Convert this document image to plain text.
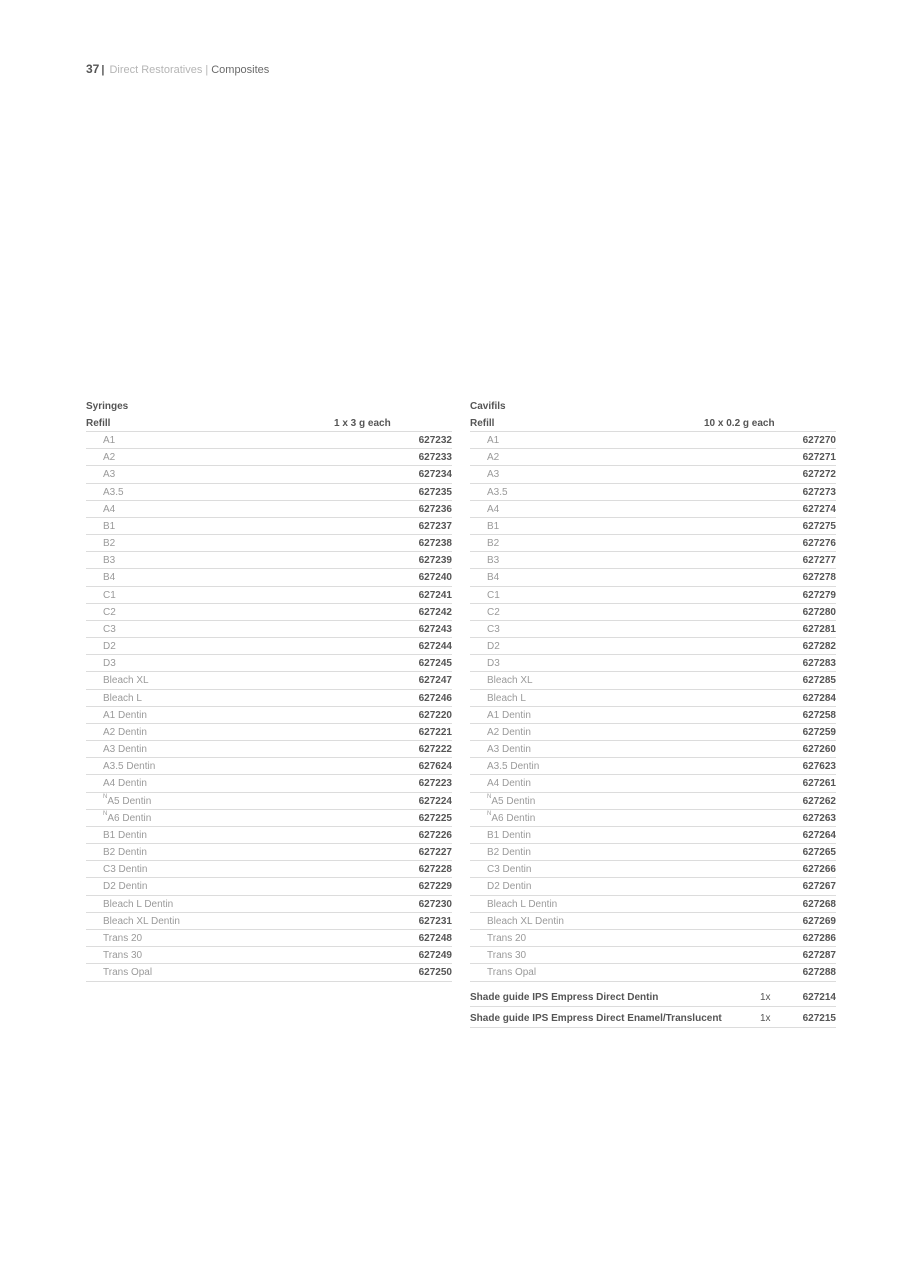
37 | Direct Restoratives | Composites
Syringes
Refill	1 x 3 g each
A1	627232
A2	627233
A3	627234
A3.5	627235
A4	627236
B1	627237
B2	627238
B3	627239
B4	627240
C1	627241
C2	627242
C3	627243
D2	627244
D3	627245
Bleach XL	627247
Bleach L	627246
A1 Dentin	627220
A2 Dentin	627221
A3 Dentin	627222
A3.5 Dentin	627624
A4 Dentin	627223
$^N$A5 Dentin	627224
$^N$A6 Dentin	627225
B1 Dentin	627226
B2 Dentin	627227
C3 Dentin	627228
D2 Dentin	627229
Bleach L Dentin	627230
Bleach XL Dentin	627231
Trans 20	627248
Trans 30	627249
Trans Opal	627250
Cavifils
Refill	10 x 0.2 g each
A1	627270
A2	627271
A3	627272
A3.5	627273
A4	627274
B1	627275
B2	627276
B3	627277
B4	627278
C1	627279
C2	627280
C3	627281
D2	627282
D3	627283
Bleach XL	627285
Bleach L	627284
A1 Dentin	627258
A2 Dentin	627259
A3 Dentin	627260
A3.5 Dentin	627623
A4 Dentin	627261
$^N$A5 Dentin	627262
$^N$A6 Dentin	627263
B1 Dentin	627264
B2 Dentin	627265
C3 Dentin	627266
D2 Dentin	627267
Bleach L Dentin	627268
Bleach XL Dentin	627269
Trans 20	627286
Trans 30	627287
Trans Opal	627288
Shade guide IPS Empress Direct Dentin	1x	627214
Shade guide IPS Empress Direct Enamel/Translucent	1x	627215
